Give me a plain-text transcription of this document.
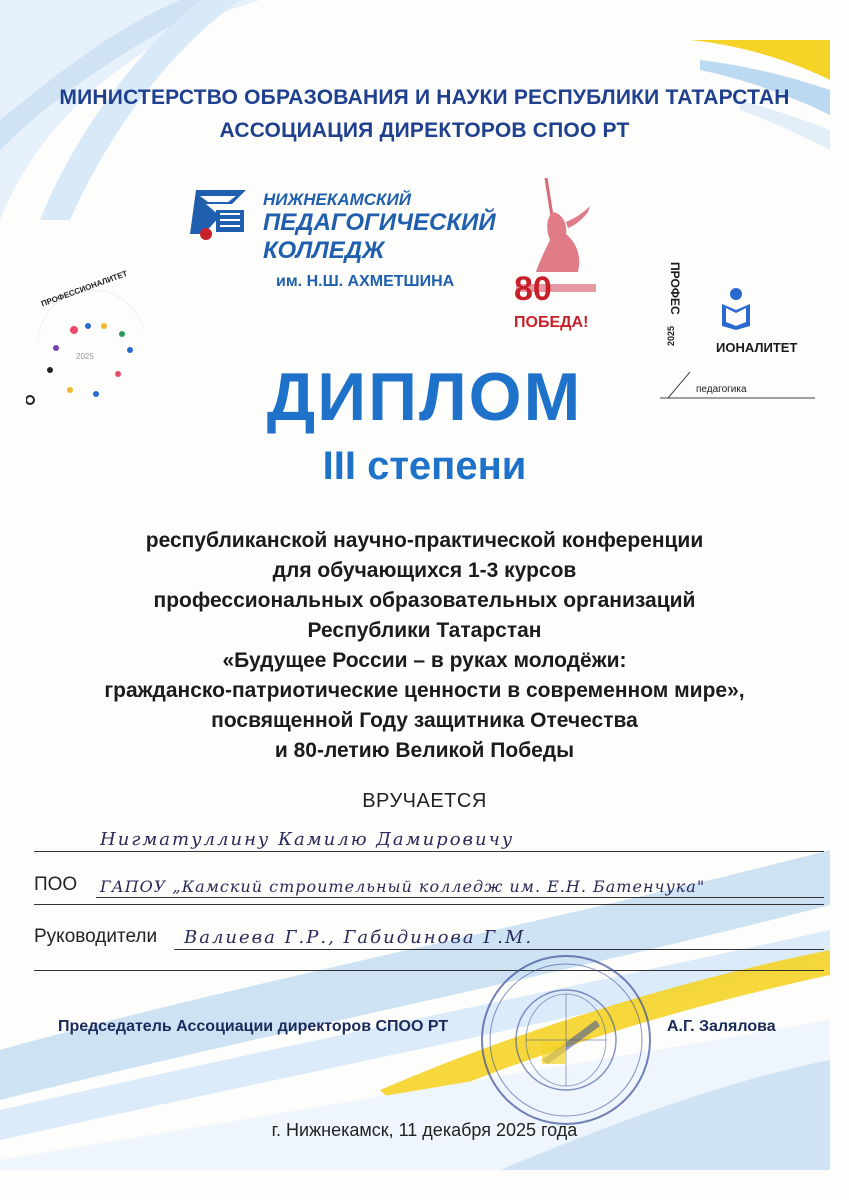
МИНИСТЕРСТВО ОБРАЗОВАНИЯ И НАУКИ РЕСПУБЛИКИ ТАТАРСТАН
АССОЦИАЦИЯ ДИРЕКТОРОВ СПОО РТ
НИЖНЕКАМСКИЙ
ПЕДАГОГИЧЕСКИЙ
КОЛЛЕДЖ
им. Н.Ш. АХМЕТШИНА 80
ПОБЕДА!
ПРОФЕССИОНАЛИТЕТ
2025
ПРОФЕС
ИОНАЛИТЕТ
2025
педагогика
ДИПЛОМ
III степени
республиканской научно-практической конференции
для обучающихся 1-3 курсов
профессиональных образовательных организаций
Республики Татарстан
«Будущее России – в руках молодёжи:
гражданско-патриотические ценности в современном мире»,
посвященной Году защитника Отечества
и 80-летию Великой Победы
ВРУЧАЕТСЯ
Нигматуллину Камилю Дамировичу
ПОО ГАПОУ „Камский строительный колледж им. Е.Н. Батенчука"
Руководители Валиева Г.Р., Габидинова Г.М.
Председатель Ассоциации директоров СПОО РТ	А.Г. Залялова
г. Нижнекамск, 11 декабря 2025 года
